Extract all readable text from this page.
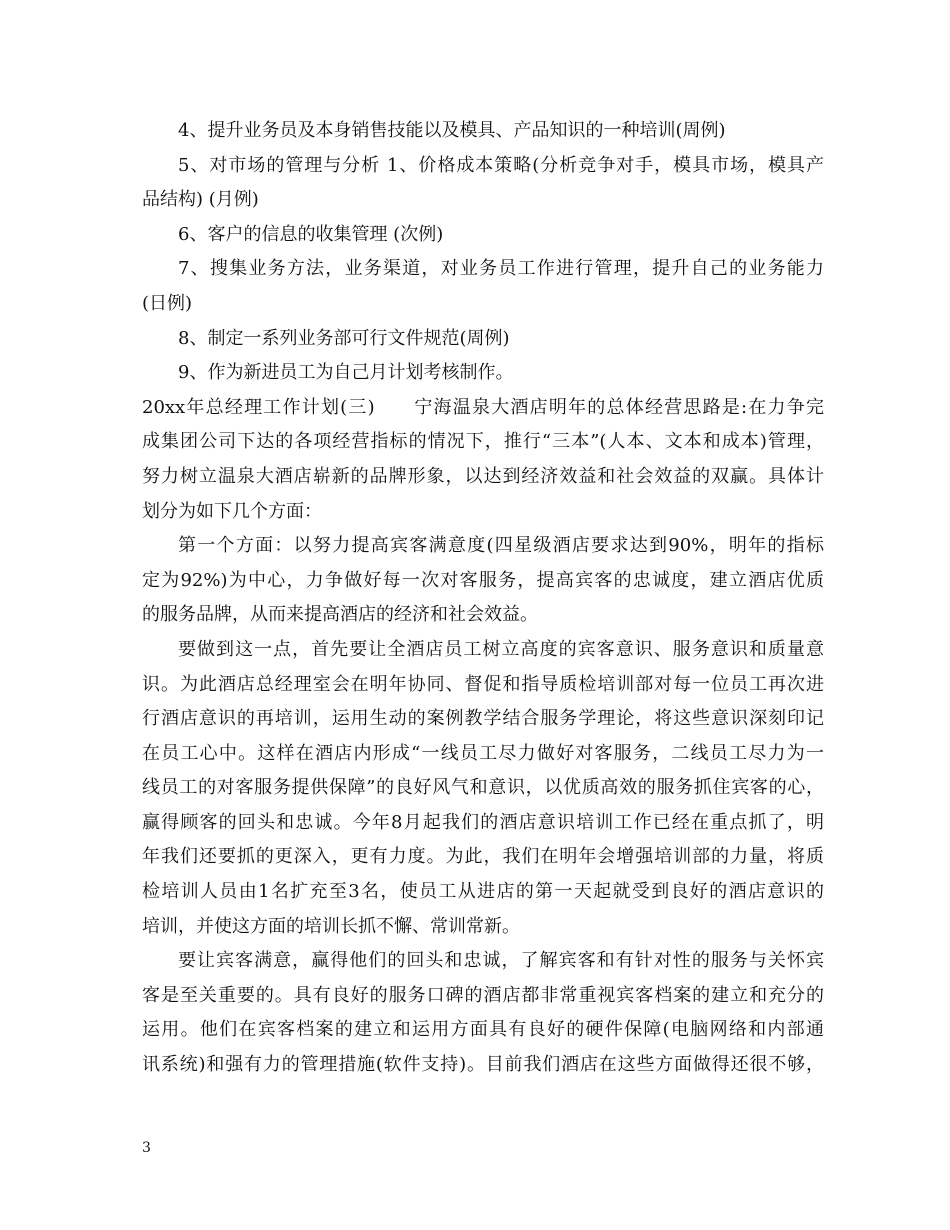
4、提升业务员及本身销售技能以及模具、产品知识的一种培训(周例)
5、对市场的管理与分析 1、价格成本策略(分析竞争对手，模具市场，模具产
品结构) (月例)
6、客户的信息的收集管理 (次例)
7、搜集业务方法，业务渠道，对业务员工作进行管理，提升自己的业务能力
(日例)
8、制定一系列业务部可行文件规范(周例)
9、作为新进员工为自己月计划考核制作。
20xx年总经理工作计划(三)　　宁海温泉大酒店明年的总体经营思路是:在力争完
成集团公司下达的各项经营指标的情况下，推行“三本”(人本、文本和成本)管理，
努力树立温泉大酒店崭新的品牌形象，以达到经济效益和社会效益的双赢。具体计
划分为如下几个方面：
第一个方面：以努力提高宾客满意度(四星级酒店要求达到90%，明年的指标
定为92%)为中心，力争做好每一次对客服务，提高宾客的忠诚度，建立酒店优质
的服务品牌，从而来提高酒店的经济和社会效益。
要做到这一点，首先要让全酒店员工树立高度的宾客意识、服务意识和质量意
识。为此酒店总经理室会在明年协同、督促和指导质检培训部对每一位员工再次进
行酒店意识的再培训，运用生动的案例教学结合服务学理论，将这些意识深刻印记
在员工心中。这样在酒店内形成“一线员工尽力做好对客服务，二线员工尽力为一
线员工的对客服务提供保障”的良好风气和意识，以优质高效的服务抓住宾客的心，
赢得顾客的回头和忠诚。今年8月起我们的酒店意识培训工作已经在重点抓了，明
年我们还要抓的更深入，更有力度。为此，我们在明年会增强培训部的力量，将质
检培训人员由1名扩充至3名，使员工从进店的第一天起就受到良好的酒店意识的
培训，并使这方面的培训长抓不懈、常训常新。
要让宾客满意，赢得他们的回头和忠诚，了解宾客和有针对性的服务与关怀宾
客是至关重要的。具有良好的服务口碑的酒店都非常重视宾客档案的建立和充分的
运用。他们在宾客档案的建立和运用方面具有良好的硬件保障(电脑网络和内部通
讯系统)和强有力的管理措施(软件支持)。目前我们酒店在这些方面做得还很不够，
3
